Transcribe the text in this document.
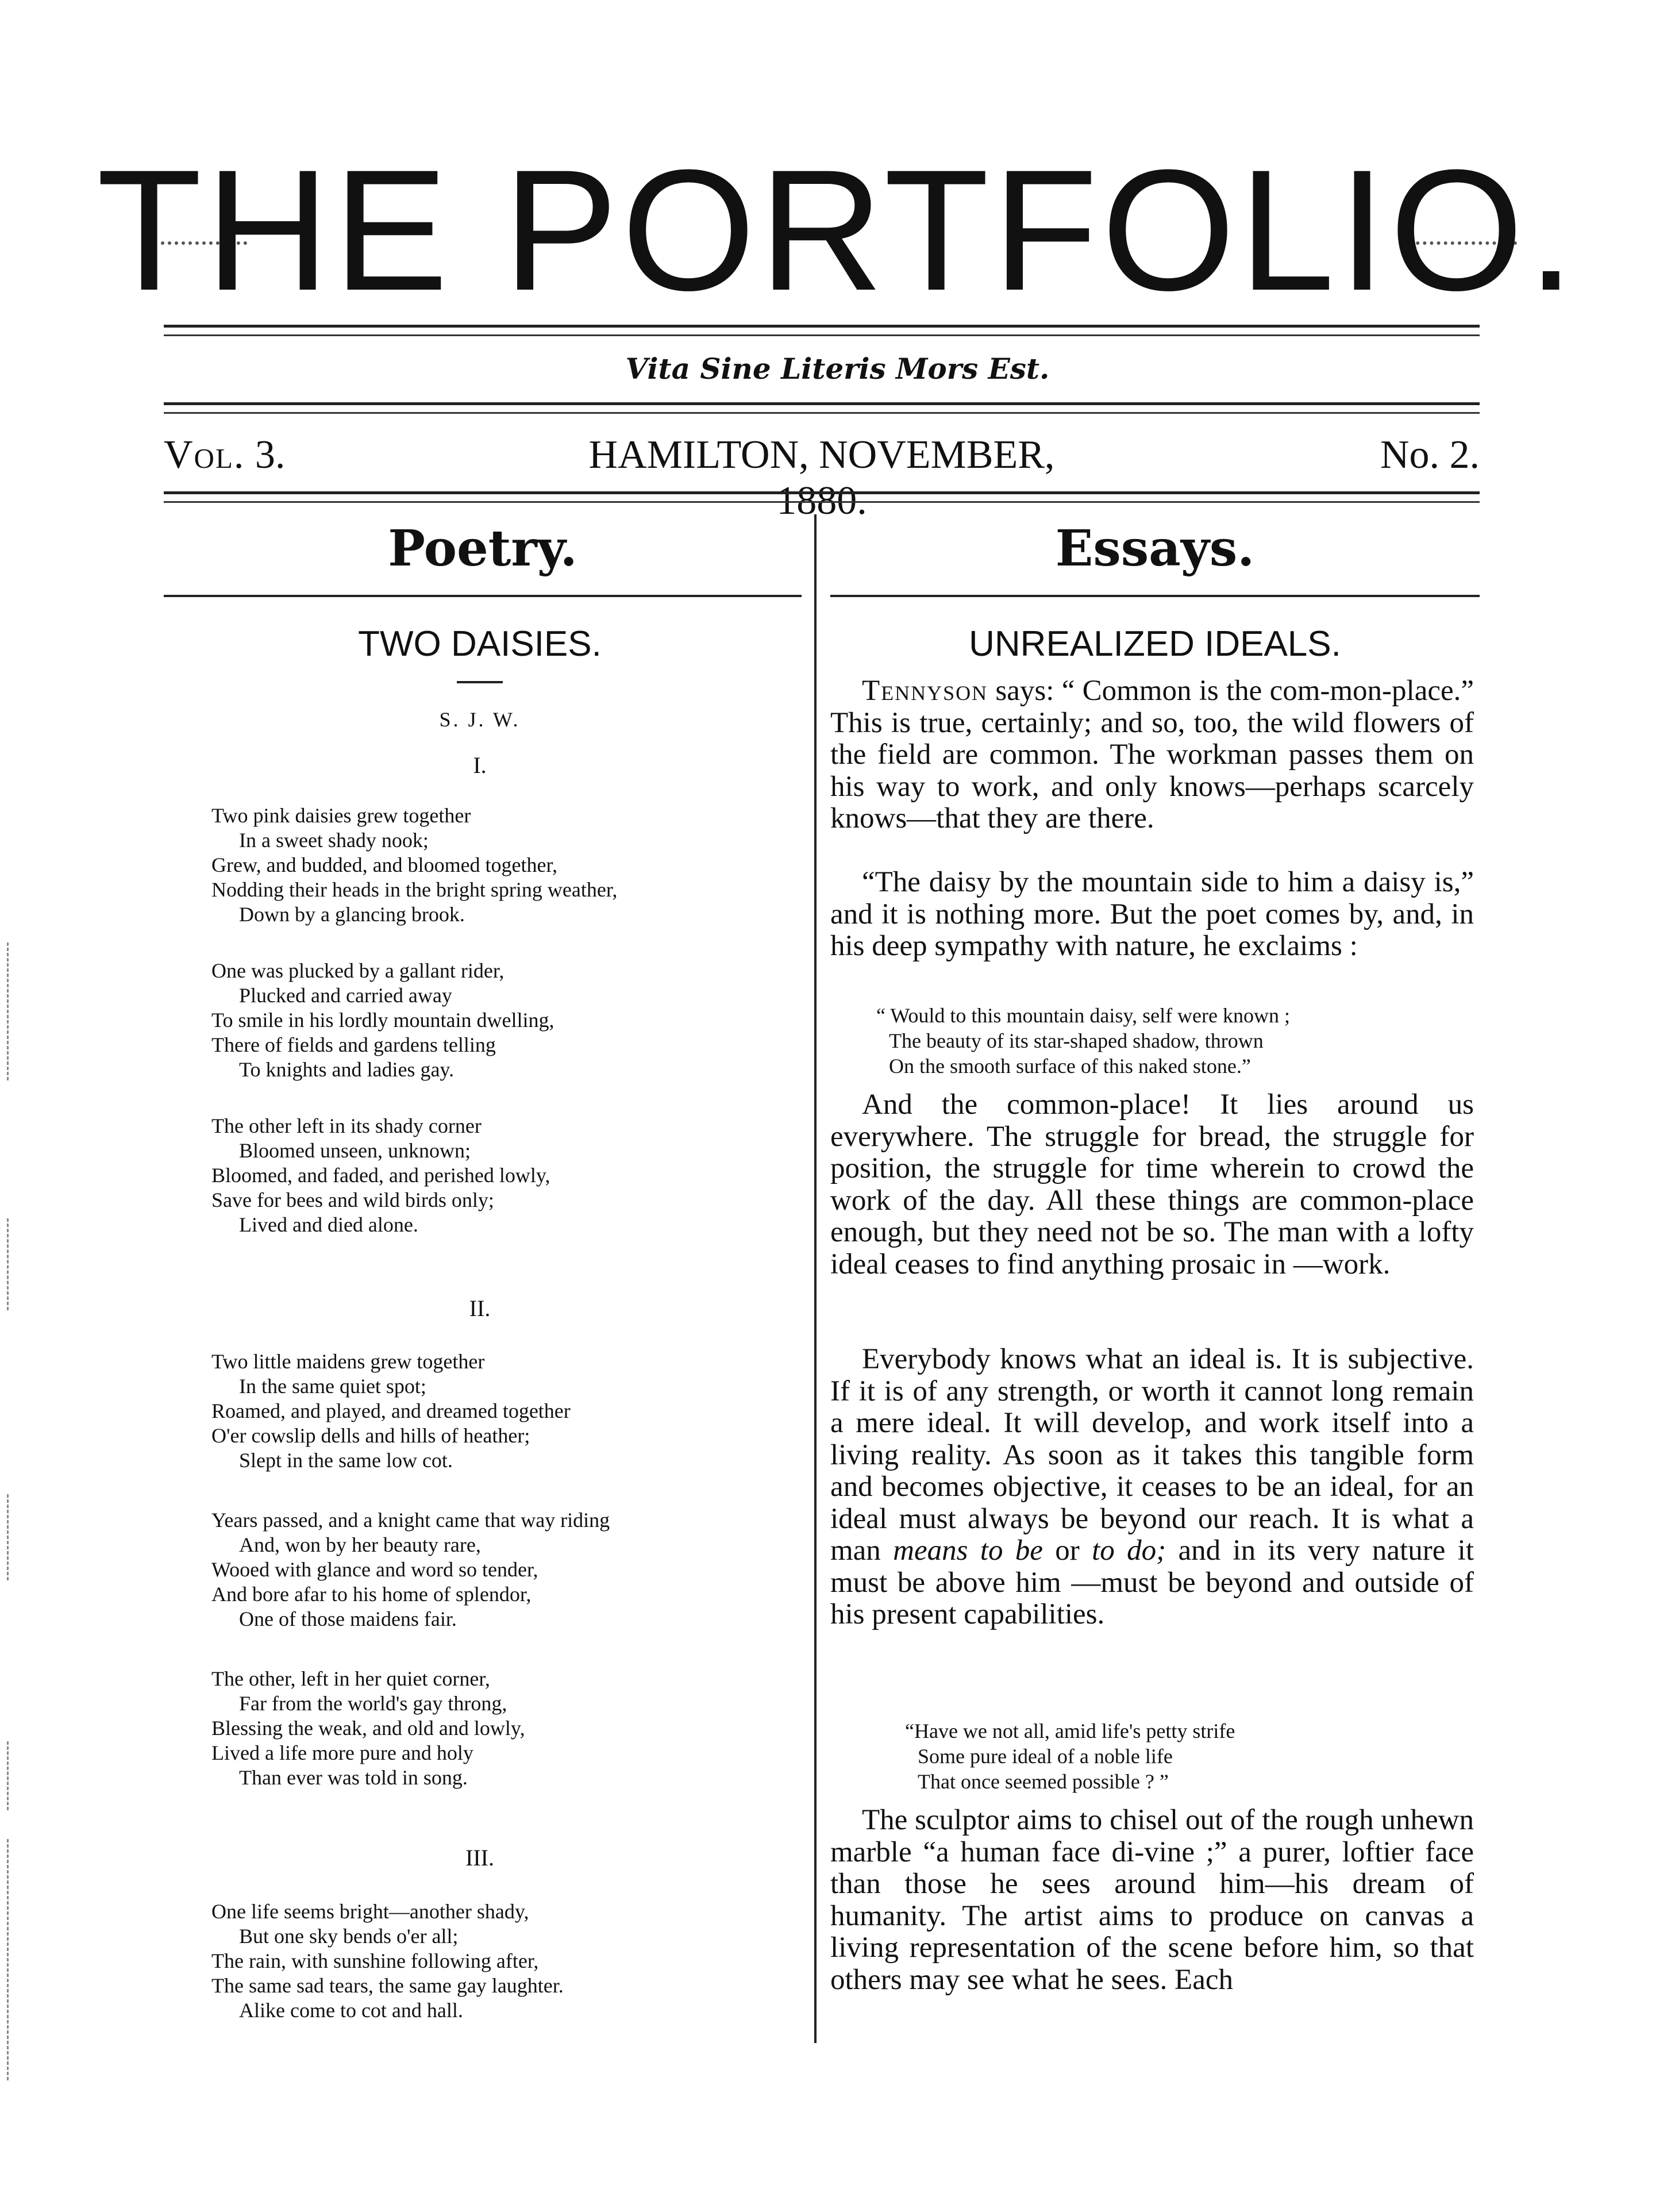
THE PORTFOLIO.
Vita Sine Literis Mors Est.
Vol. 3.	HAMILTON, NOVEMBER, 1880.
No. 2.
Poetry.	Essays.
TWO DAISIES.
S. J. W.
I.
Two pink daisies grew together
In a sweet shady nook;
Grew, and budded, and bloomed together,
Nodding their heads in the bright spring weather,
Down by a glancing brook.
One was plucked by a gallant rider,
Plucked and carried away
To smile in his lordly mountain dwelling,
There of fields and gardens telling
To knights and ladies gay.
The other left in its shady corner
Bloomed unseen, unknown;
Bloomed, and faded, and perished lowly,
Save for bees and wild birds only;
Lived and died alone.
II.
Two little maidens grew together
In the same quiet spot;
Roamed, and played, and dreamed together
O'er cowslip dells and hills of heather;
Slept in the same low cot.
Years passed, and a knight came that way riding
And, won by her beauty rare,
Wooed with glance and word so tender,
And bore afar to his home of splendor,
One of those maidens fair.
The other, left in her quiet corner,
Far from the world's gay throng,
Blessing the weak, and old and lowly,
Lived a life more pure and holy
Than ever was told in song.
III.
One life seems bright—another shady,
But one sky bends o'er all;
The rain, with sunshine following after,
The same sad tears, the same gay laughter.
Alike come to cot and hall.
UNREALIZED IDEALS.

Tennyson says: “ Common is the com-mon-place.” This is true, certainly; and so, too, the wild flowers of the field are common. The workman passes them on his way to work, and only knows—perhaps scarcely knows—that they are there.

“The daisy by the mountain side to him a daisy is,” and it is nothing more. But the poet comes by, and, in his deep sympathy with nature, he exclaims :

“ Would to this mountain daisy, self were known ;
The beauty of its star-shaped shadow, thrown
On the smooth surface of this naked stone.”

And the common-place! It lies around us everywhere. The struggle for bread, the struggle for position, the struggle for time wherein to crowd the work of the day. All these things are common-place enough, but they need not be so. The man with a lofty ideal ceases to find anything prosaic in —work.

Everybody knows what an ideal is. It is subjective. If it is of any strength, or worth it cannot long remain a mere ideal. It will develop, and work itself into a living reality. As soon as it takes this tangible form and becomes objective, it ceases to be an ideal, for an ideal must always be beyond our reach. It is what a man means to be or to do; and in its very nature it must be above him —must be beyond and outside of his present capabilities.

“Have we not all, amid life's petty strife
Some pure ideal of a noble life
That once seemed possible ? ”

The sculptor aims to chisel out of the rough unhewn marble “a human face di-vine ;” a purer, loftier face than those he sees around him—his dream of humanity. The artist aims to produce on canvas a living representation of the scene before him, so that others may see what he sees. Each
